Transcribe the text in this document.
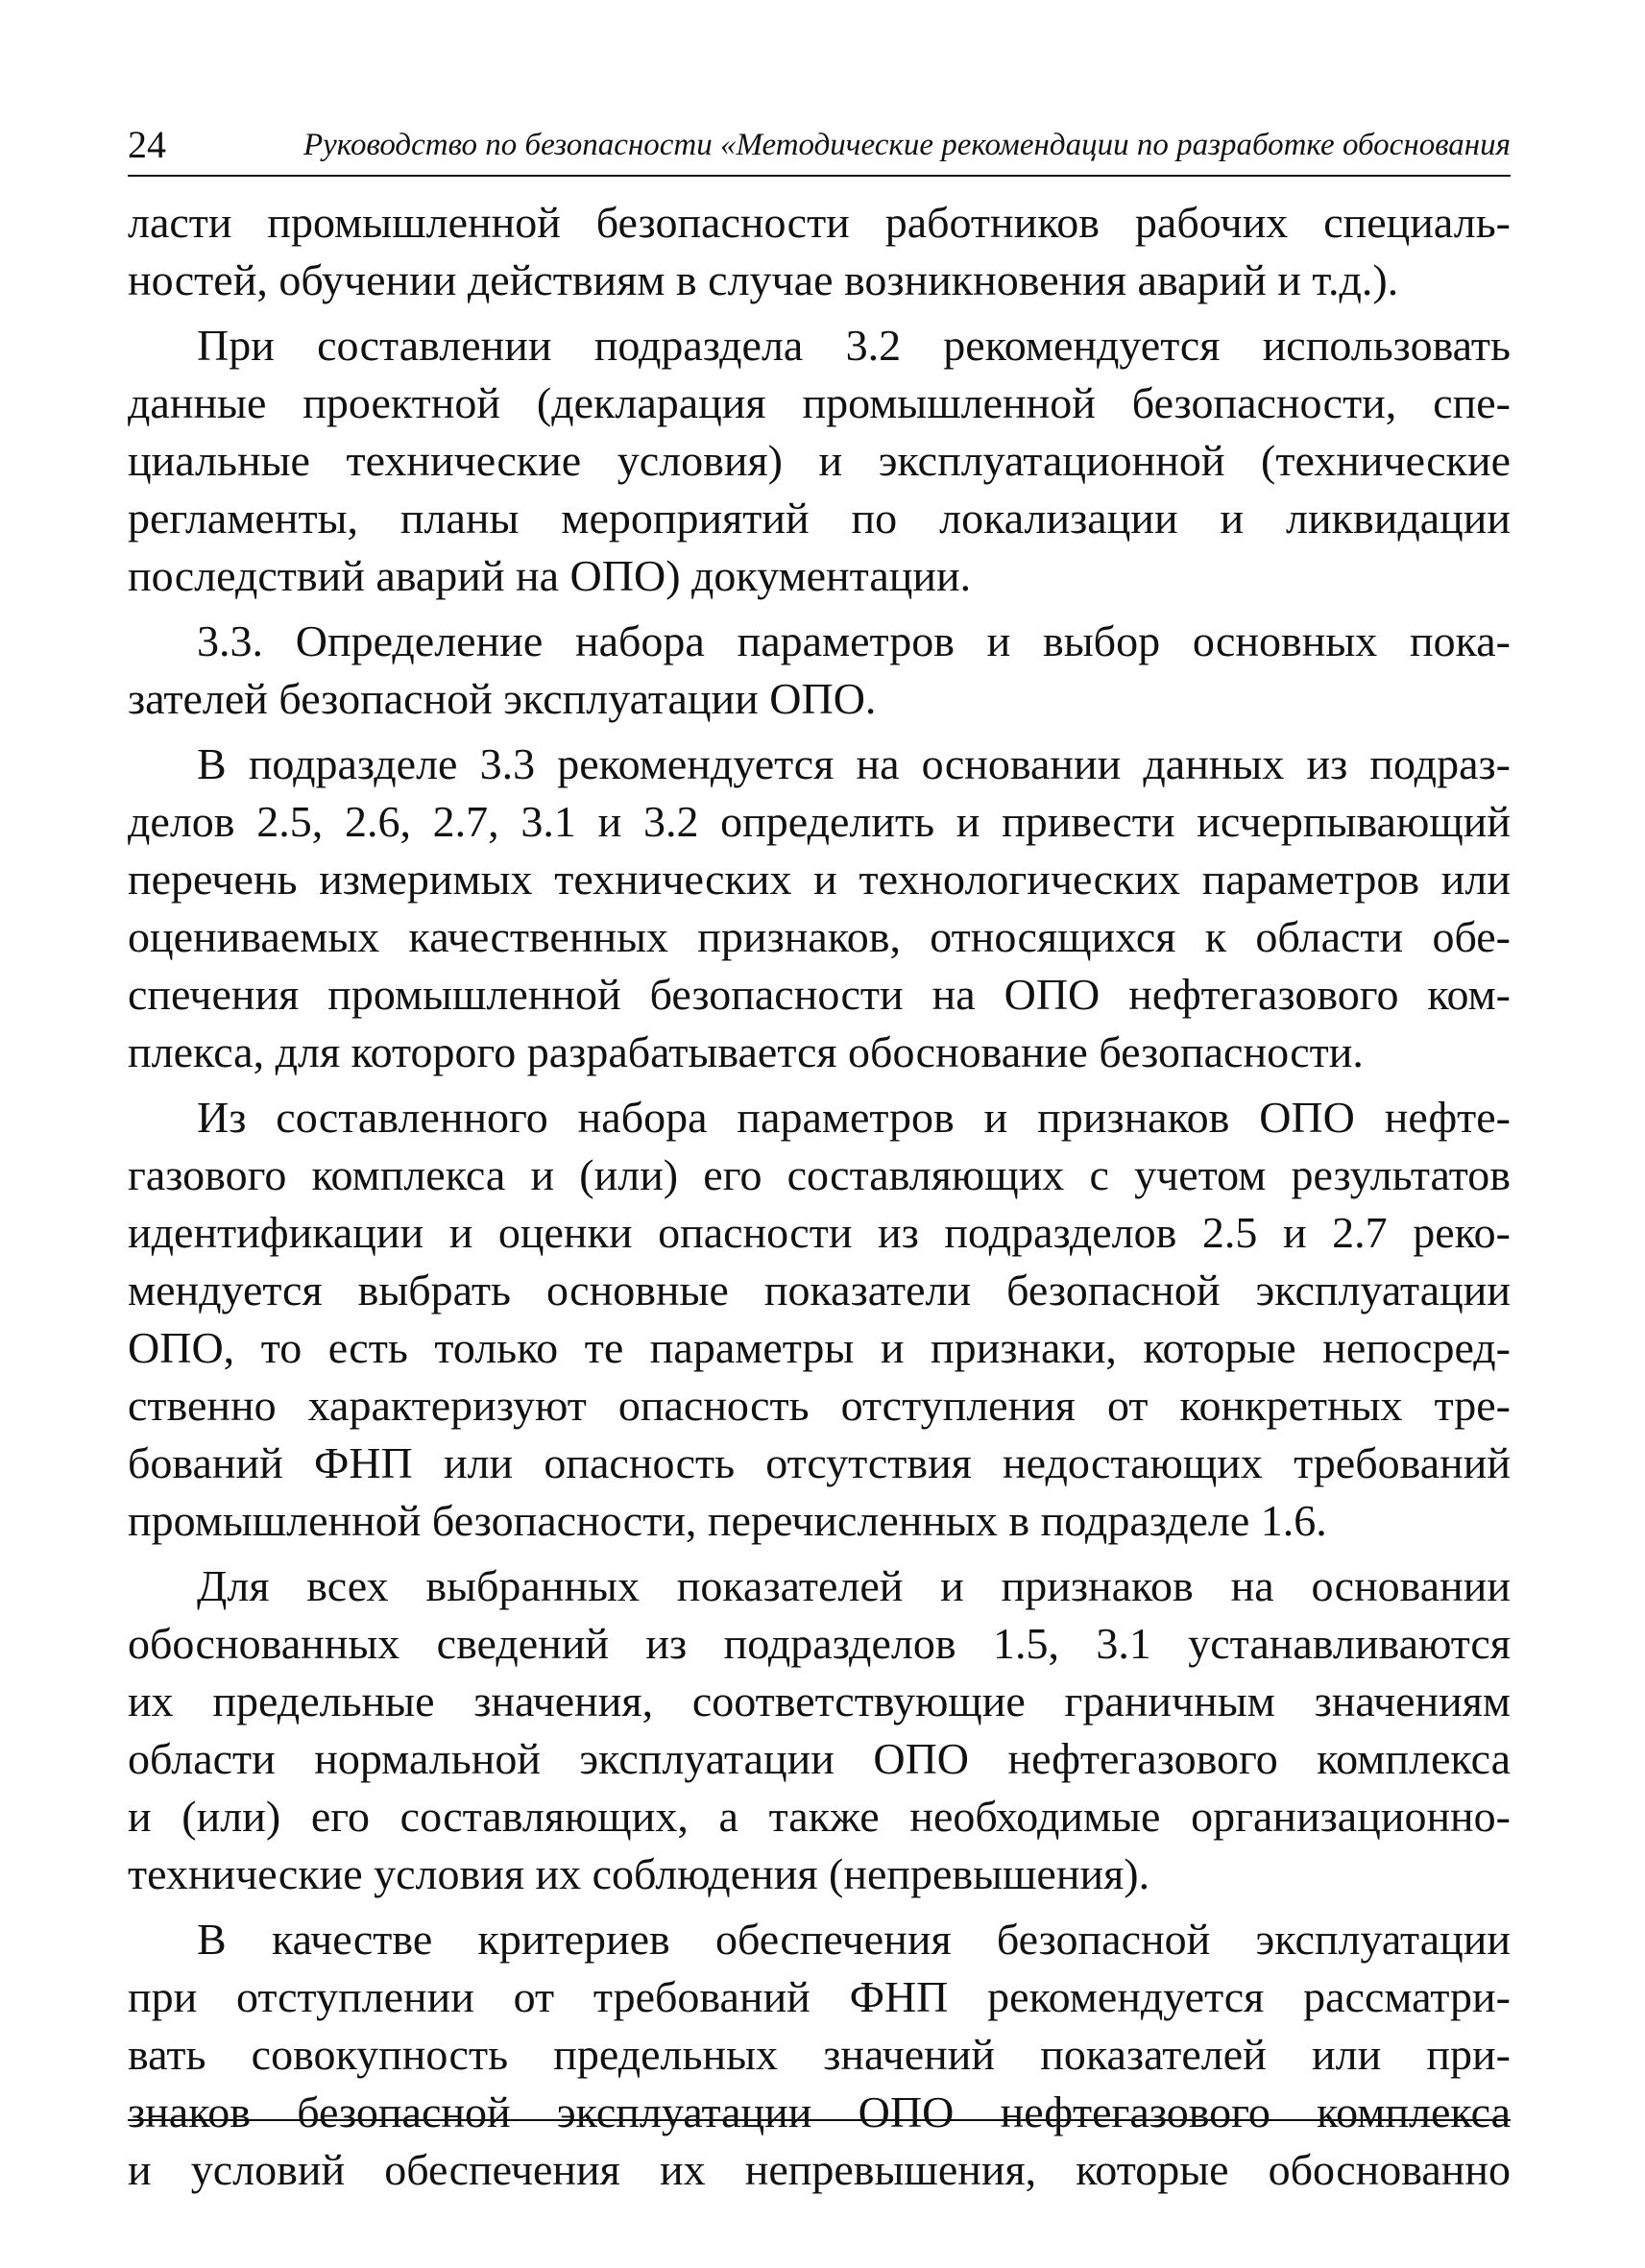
24	Руководство по безопасности «Методические рекомендации по разработке обоснования
ласти промышленной безопасности работников рабочих специаль-
ностей, обучении действиям в случае возникновения аварий и т.д.).
При составлении подраздела 3.2 рекомендуется использовать
данные проектной (декларация промышленной безопасности, спе-
циальные технические условия) и эксплуатационной (технические
регламенты, планы мероприятий по локализации и ликвидации
последствий аварий на ОПО) документации.
3.3. Определение набора параметров и выбор основных пока-
зателей безопасной эксплуатации ОПО.
В подразделе 3.3 рекомендуется на основании данных из подраз-
делов 2.5, 2.6, 2.7, 3.1 и 3.2 определить и привести исчерпывающий
перечень измеримых технических и технологических параметров или
оцениваемых качественных признаков, относящихся к области обе-
спечения промышленной безопасности на ОПО нефтегазового ком-
плекса, для которого разрабатывается обоснование безопасности.
Из составленного набора параметров и признаков ОПО нефте-
газового комплекса и (или) его составляющих с учетом результатов
идентификации и оценки опасности из подразделов 2.5 и 2.7 реко-
мендуется выбрать основные показатели безопасной эксплуатации
ОПО, то есть только те параметры и признаки, которые непосред-
ственно характеризуют опасность отступления от конкретных тре-
бований ФНП или опасность отсутствия недостающих требований
промышленной безопасности, перечисленных в подразделе 1.6.
Для всех выбранных показателей и признаков на основании
обоснованных сведений из подразделов 1.5, 3.1 устанавливаются
их предельные значения, соответствующие граничным значениям
области нормальной эксплуатации ОПО нефтегазового комплекса
и (или) его составляющих, а также необходимые организационно-
технические условия их соблюдения (непревышения).
В качестве критериев обеспечения безопасной эксплуатации
при отступлении от требований ФНП рекомендуется рассматри-
вать совокупность предельных значений показателей или при-
знаков безопасной эксплуатации ОПО нефтегазового комплекса
и условий обеспечения их непревышения, которые обоснованно
